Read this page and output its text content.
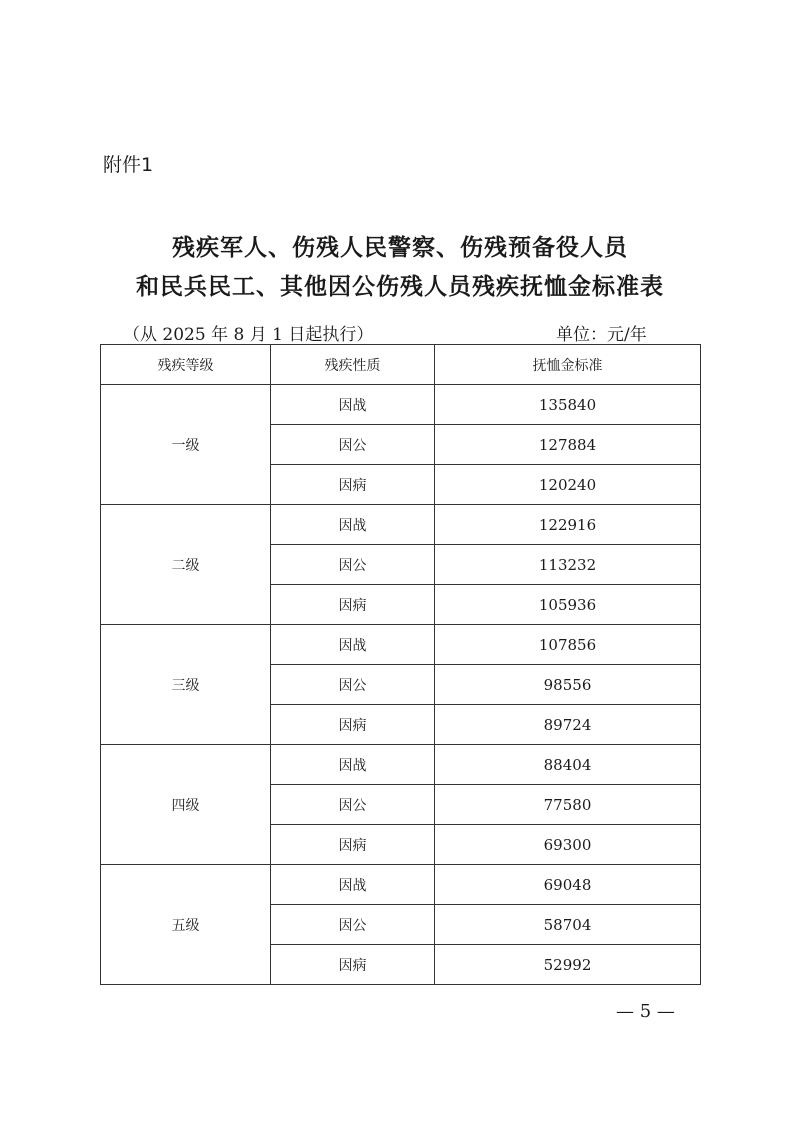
附件1
残疾军人、伤残人民警察、伤残预备役人员
和民兵民工、其他因公伤残人员残疾抚恤金标准表
（从 2025 年 8 月 1 日起执行）	单位：元/年
残疾等级	残疾性质	抚恤金标准
一级	因战	135840
	因公	127884
	因病	120240
二级	因战	122916
	因公	113232
	因病	105936
三级	因战	107856
	因公	98556
	因病	89724
四级	因战	88404
	因公	77580
	因病	69300
五级	因战	69048
	因公	58704
	因病	52992
— 5 —
